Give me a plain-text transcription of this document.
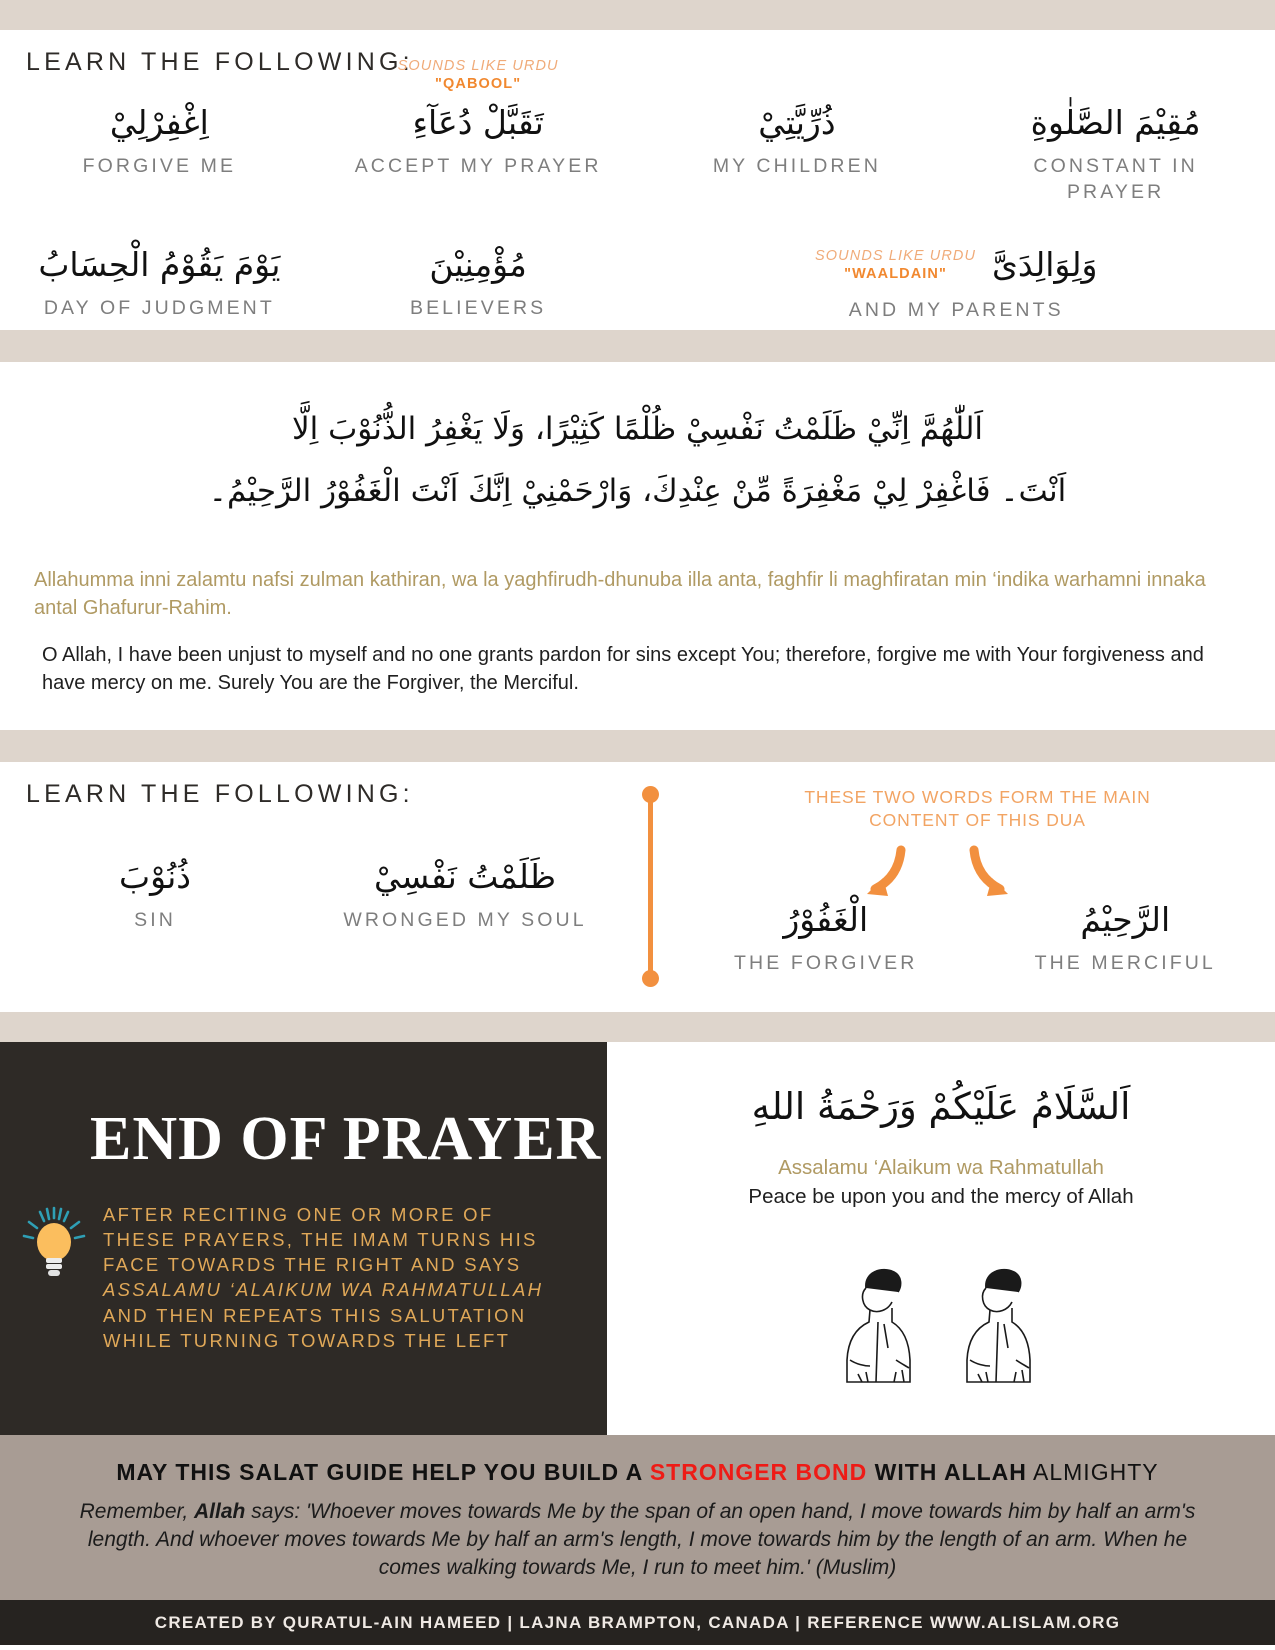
LEARN THE FOLLOWING:
اِغْفِرْلِيْ
FORGIVE ME
SOUNDS LIKE URDU
"QABOOL"
تَقَبَّلْ دُعَآءِ
ACCEPT MY PRAYER
ذُرِّيَّتِيْ
MY CHILDREN
مُقِيْمَ الصَّلٰوةِ
CONSTANT IN PRAYER
يَوْمَ يَقُوْمُ الْحِسَابُ
DAY OF JUDGMENT
مُؤْمِنِيْنَ
BELIEVERS
SOUNDS LIKE URDU
"WAALDAIN"	وَلِوَالِدَىَّ
AND MY PARENTS
اَللّٰهُمَّ اِنِّيْ ظَلَمْتُ نَفْسِيْ ظُلْمًا كَثِيْرًا، وَلَا يَغْفِرُ الذُّنُوْبَ اِلَّا
اَنْتَ۔ فَاغْفِرْ لِيْ مَغْفِرَةً مِّنْ عِنْدِكَ، وَارْحَمْنِيْ اِنَّكَ اَنْتَ الْغَفُوْرُ الرَّحِيْمُ۔
Allahumma inni zalamtu nafsi zulman kathiran, wa la yaghfirudh-dhunuba illa anta, faghfir li maghfiratan min ‘indika warhamni innaka antal Ghafurur-Rahim.
O Allah, I have been unjust to myself and no one grants pardon for sins except You; therefore, forgive me with Your forgiveness and have mercy on me. Surely You are the Forgiver, the Merciful.
LEARN THE FOLLOWING:
ذُنُوْبَ
SIN
ظَلَمْتُ نَفْسِيْ
WRONGED MY SOUL
THESE TWO WORDS FORM THE MAIN
CONTENT OF THIS DUA
الْغَفُوْرُ
THE FORGIVER
الرَّحِيْمُ
THE MERCIFUL
END OF PRAYER
AFTER RECITING ONE OR MORE OF THESE PRAYERS, THE IMAM TURNS HIS FACE TOWARDS THE RIGHT AND SAYS ASSALAMU ‘ALAIKUM WA RAHMATULLAH AND THEN REPEATS THIS SALUTATION WHILE TURNING TOWARDS THE LEFT
اَلسَّلَامُ عَلَيْكُمْ وَرَحْمَةُ اللهِ
Assalamu ‘Alaikum wa Rahmatullah
Peace be upon you and the mercy of Allah
MAY THIS SALAT GUIDE HELP YOU BUILD A STRONGER BOND WITH ALLAH ALMIGHTY
Remember, Allah says: 'Whoever moves towards Me by the span of an open hand, I move towards him by half an arm's length. And whoever moves towards Me by half an arm's length, I move towards him by the length of an arm. When he comes walking towards Me, I run to meet him.' (Muslim)
CREATED BY QURATUL-AIN HAMEED | LAJNA BRAMPTON, CANADA | REFERENCE WWW.ALISLAM.ORG
